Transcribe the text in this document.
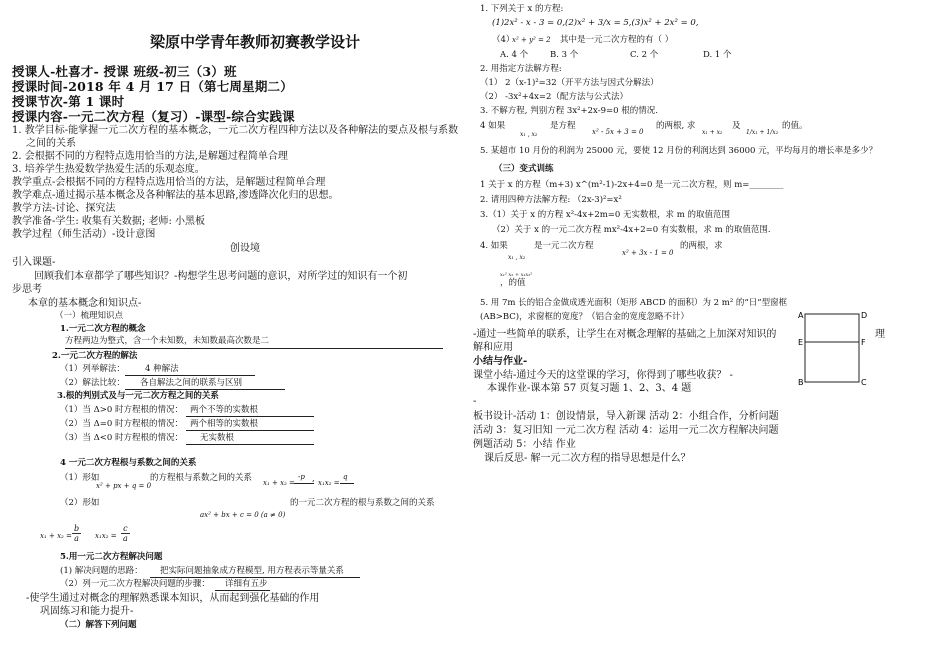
梁原中学青年教师初赛教学设计
授课人-杜喜才- 授课 班级-初三（3）班
授课时间-2018 年 4 月 17 日（第七周星期二）
授课节次-第 1 课时
授课内容-一元二次方程（复习）-课型-综合实践课
1. 教学目标-能掌握一元二次方程的基本概念，一元二次方程四种方法以及各种解法的要点及根与系数
之间的关系
2. 会根据不同的方程特点选用恰当的方法,是解题过程简单合理
3. 培养学生热爱数学热爱生活的乐观态度。
教学重点-会根据不同的方程特点选用恰当的方法，是解题过程简单合理
教学难点-通过揭示基本概念及各种解法的基本思路,渗透降次化归的思想。
教学方法-讨论、探究法
教学准备-学生: 收集有关数据; 老师: 小黑板
教学过程（师生活动）-设计意图
创设境
引入课题-
回顾我们本章都学了哪些知识？-构想学生思考问题的意识，对所学过的知识有一个初
步思考
本章的基本概念和知识点-
（一）梳理知识点
1.一元二次方程的概念
方程两边为整式，含一个未知数，未知数最高次数是二
2.一元二次方程的解法
（1）列举解法： 4 种解法
（2）解法比较： 各自解法之间的联系与区别
3.根的判别式及与一元二次方程之间的关系
（1）当 Δ>0 时方程根的情况： 两个不等的实数根
（2）当 Δ=0 时方程根的情况： 两个相等的实数根
（3）当 Δ<0 时方程根的情况： 无实数根
4 一元二次方程根与系数之间的关系
（1）形如
x² + px + q = 0
的方程根与系数之间的关系 x₁ + x₂ =
-p , x₁x₂ =
q
（2）形如	的一元二次方程的根与系数之间的关系
ax² + bx + c = 0 (a ≠ 0)
$x_1 + x_2 = \frac{b}{a} x_1x_2 = \frac{c}{a}$
5.用一元二次方程解决问题
(1) 解决问题的思路： 把实际问题抽象成方程模型, 用方程表示等量关系
（2）列一元二次方程解决问题的步骤： 详细有五步
-使学生通过对概念的理解熟悉课本知识，从而起到强化基础的作用
巩固练习和能力提升-
（二）解答下列问题
1. 下列关于 x 的方程:
(1)2x² - x - 3 = 0,(2)x² + 3/x = 5,(3)x² + 2x² = 0,
（4）
x² + y² = 2 其中是一元二次方程的有（ ）
A. 4 个	B. 3 个	C. 2 个	D. 1 个
2. 用指定方法解方程:
（1） 2（x-1)²=32（开平方法与因式分解法）
（2） -3x²+4x=2（配方法与公式法）
3. 不解方程, 判别方程 3x²+2x-9=0 根的情况.
4 如果
x₁ , x₂
是方程
x² - 5x + 3 = 0
的两根, 求
x₁ + x₂
及
1/x₁ + 1/x₂
的值。
5. 某超市 10 月份的利润为 25000 元，要使 12 月份的利润达到 36000 元，平均每月的增长率是多少？
（三）变式训练
1 关于 x 的方程（m+3) x^(m²-1)-2x+4=0 是一元二次方程，则 m=________
2. 请用四种方法解方程: （2x-3)²=x²
3.（1）关于 x 的方程 x²-4x+2m=0 无实数根，求 m 的取值范围
（2）关于 x 的一元二次方程 mx²-4x+2=0 有实数根，求 m 的取值范围.
4. 如果
x₁ , x₂
是一元二次方程
x² + 3x - 1 = 0
的两根，求
x₁² x₂ + x₁x₂²
，的值
5. 用 7m 长的铝合金做成透光面积（矩形 ABCD 的面积）为 2 m² 的“日”型窗框
(AB>BC)，求窗框的宽度？（铝合金的宽度忽略不计）	A	D
E	F
B	C
-通过一些简单的联系，让学生在对概念理解的基础之上加深对知识的	理
解和应用
小结与作业-
课堂小结-通过今天的这堂课的学习，你得到了哪些收获？ -
本课作业-课本第 57 页复习题 1、2、3、4 题
-
板书设计-活动 1：创设情景，导入新课 活动 2：小组合作，分析问题
活动 3：复习旧知 一元二次方程 活动 4：运用一元二次方程解决问题
例题活动 5：小结 作业
课后反思- 解一元二次方程的指导思想是什么？
